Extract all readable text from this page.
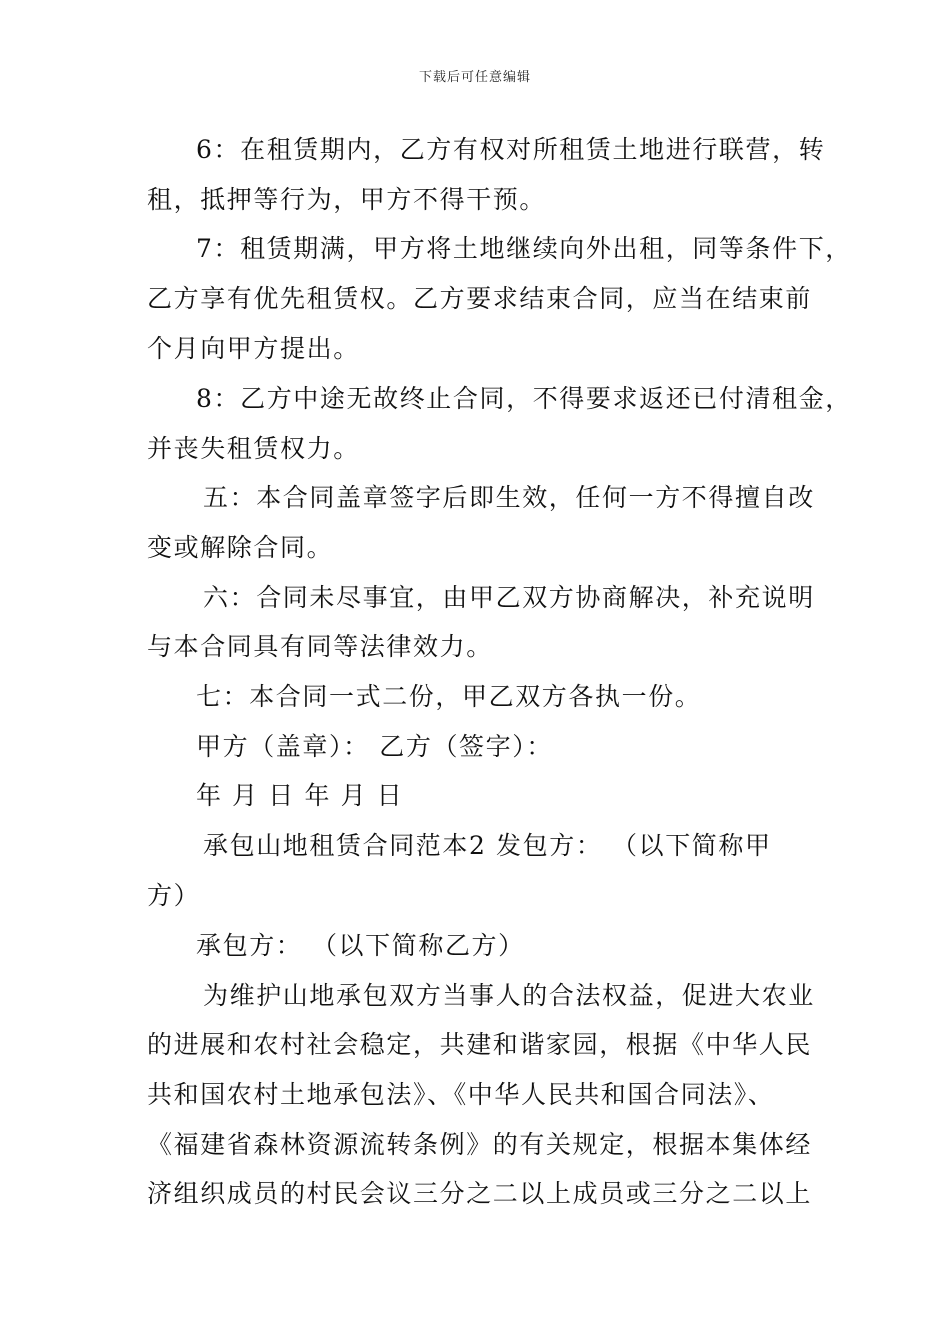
下载后可任意编辑
6：在租赁期内，乙方有权对所租赁土地进行联营，转
租，抵押等行为，甲方不得干预。
7：租赁期满，甲方将土地继续向外出租，同等条件下，
乙方享有优先租赁权。乙方要求结束合同，应当在结束前
个月向甲方提出。
8：乙方中途无故终止合同，不得要求返还已付清租金，
并丧失租赁权力。
五：本合同盖章签字后即生效，任何一方不得擅自改
变或解除合同。
六：合同未尽事宜，由甲乙双方协商解决，补充说明
与本合同具有同等法律效力。
七：本合同一式二份，甲乙双方各执一份。
甲方（盖章）： 乙方（签字）：
年 月 日 年 月 日
承包山地租赁合同范本2 发包方： （以下简称甲
方）
承包方： （以下简称乙方）
为维护山地承包双方当事人的合法权益，促进大农业
的进展和农村社会稳定，共建和谐家园，根据《中华人民
共和国农村土地承包法》、《中华人民共和国合同法》、
《福建省森林资源流转条例》的有关规定，根据本集体经
济组织成员的村民会议三分之二以上成员或三分之二以上
